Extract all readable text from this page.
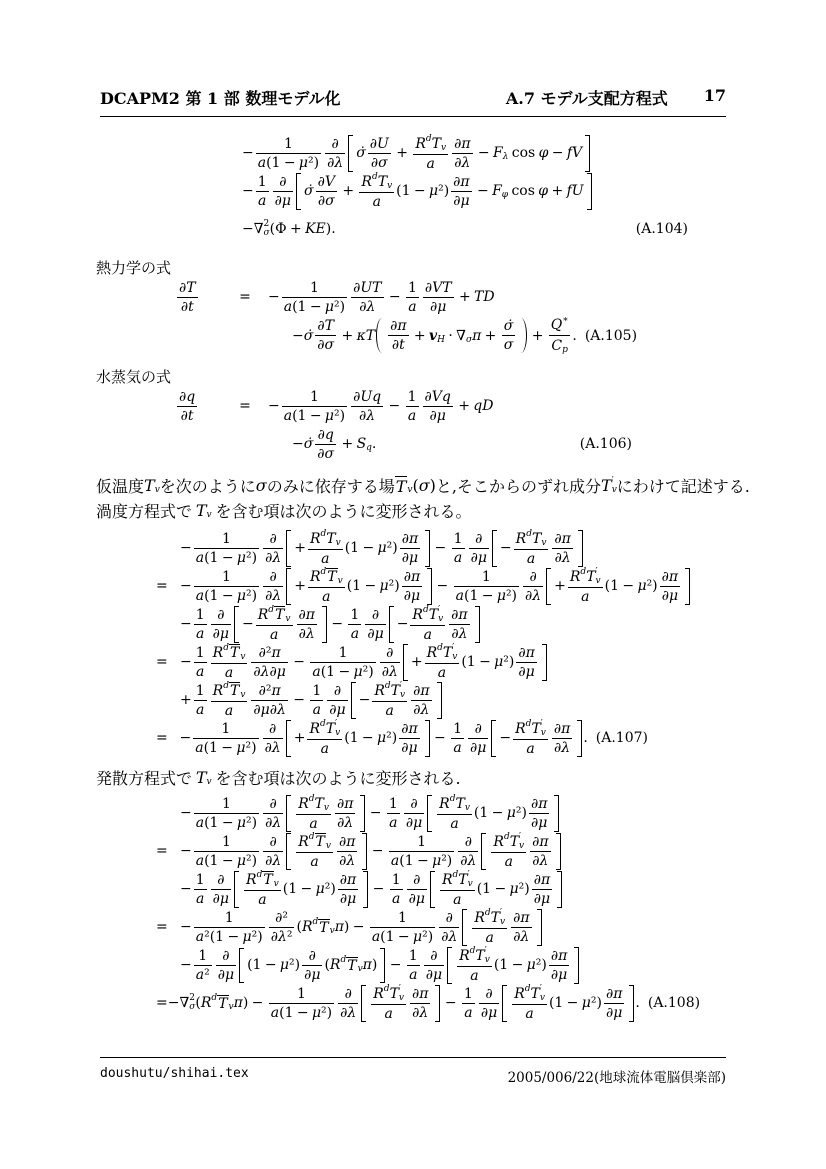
DCAPM2 第 1 部 数理モデル化	A.7 モデル支配方程式 17
− $\frac{1}{\text{a (1 − μ ²)}} \frac{\partial}{\partial \lambda}$ σ̇ $\frac{\partial U}{\partial \sigma} + \frac{\text{R d T v}}{a} \frac{\partial \pi}{\partial \lambda} - F$ λ cos φ − fV
− $\frac{1}{a} \frac{\partial}{\partial \mu}$ σ̇ $\frac{\partial V}{\partial \sigma} + \frac{\text{R d T v}}{a} (1 - \mu$ $^2) \frac{\partial \pi}{\partial \mu} - F$ φ cos φ + fU
− ∇ 2
σ (Φ + KE ).	(A.104)
熱力学の式
$\frac{\partial T}{\partial t}$	=	− $\frac{1}{\text{a (1 − μ ²)}} \frac{\partial UT}{\partial \lambda} - \frac{1}{a} \frac{\partial VT}{\partial \mu}$ + TD
− σ̇ $\frac{\partial T}{\partial \sigma} + \kappa T \frac{\partial \pi}{\partial t} + v$ H · ∇ σ $\pi + \frac{\sigmȧ}{\sigma} + \frac{Q ∗}{\text{C p}}$ . (A.105)
水蒸気の式
$\frac{\partial q}{\partial t}$	=	− $\frac{1}{\text{a (1 − μ ²)}} \frac{\partial Uq}{\partial \lambda} - \frac{1}{a} \frac{\partial Vq}{\partial \mu}$ + qD
− σ̇ $\frac{\partial q}{\partial \sigma} + S$ q .	(A.106)
仮温度 T v を次のように σ のみに依存する場 T v ( σ ) と, そこからのずれ成分 T ′
v にわけて記述する.
渦度方程式で T v を含む項は次のように変形される。
− $\frac{1}{\text{a (1 − μ ²)}} \frac{\partial}{\partial \lambda} + \frac{\text{R d T v}}{a} (1 - \mu$ $^2) \frac{\partial \pi}{\partial \mu} - \frac{1}{a} \frac{\partial}{\partial \mu} - \frac{\text{R d T v}}{a} \frac{\partial \pi}{\partial \lambda}$
= − $\frac{1}{\text{a (1 − μ ²)}} \frac{\partial}{\partial \lambda} + \frac{\text{R d T v}}{a} (1 - \mu$ $^2) \frac{\partial \pi}{\partial \mu} - \frac{1}{\text{a (1 − μ ²)}} \frac{\partial}{\partial \lambda} + R$ d T ′
v
a (1 − μ $^2) \frac{\partial \pi}{\partial \mu}$
− $\frac{1}{a} \frac{\partial}{\partial \mu} - \frac{\text{R d T v}}{a} \frac{\partial \pi}{\partial \lambda} - \frac{1}{a} \frac{\partial}{\partial \mu} - R$ d T ′
v
a $\frac{\partial \pi}{\partial \lambda}$
= − $\frac{1}{a} \frac{\text{R d T v}}{a} \frac{\text{∂² π}}{\partial \lambda \partial \mu} - \frac{1}{\text{a (1 − μ ²)}} \frac{\partial}{\partial \lambda} + R$ d T ′
v
a (1 − μ $^2) \frac{\partial \pi}{\partial \mu}$
+ $\frac{1}{a} \frac{\text{R d T v}}{a} \frac{\text{∂² π}}{\partial \mu \partial \lambda} - \frac{1}{a} \frac{\partial}{\partial \mu} - R$ d T ′
v
a $\frac{\partial \pi}{\partial \lambda}$
= − $\frac{1}{\text{a (1 − μ ²)}} \frac{\partial}{\partial \lambda} + R$ d T ′
v
a (1 − μ $^2) \frac{\partial \pi}{\partial \mu} - \frac{1}{a} \frac{\partial}{\partial \mu} - R$ d T ′
v
a $\frac{\partial \pi}{\partial \lambda}$ . (A.107)
発散方程式で T v を含む項は次のように変形される.
− $\frac{1}{\text{a (1 − μ ²)}} \frac{\partial}{\partial \lambda} \frac{\text{R d T v}}{a} \frac{\partial \pi}{\partial \lambda} - \frac{1}{a} \frac{\partial}{\partial \mu} \frac{\text{R d T v}}{a} (1 - \mu$ $^2) \frac{\partial \pi}{\partial \mu}$
= − $\frac{1}{\text{a (1 − μ ²)}} \frac{\partial}{\partial \lambda} \frac{\text{R d T v}}{a} \frac{\partial \pi}{\partial \lambda} - \frac{1}{\text{a (1 − μ ²)}} \frac{\partial}{\partial \lambda}$ R d T ′
v
a $\frac{\partial \pi}{\partial \lambda}$
− $\frac{1}{a} \frac{\partial}{\partial \mu} \frac{\text{R d T v}}{a} (1 - \mu$ $^2) \frac{\partial \pi}{\partial \mu} - \frac{1}{a} \frac{\partial}{\partial \mu}$ R d T ′
v
a (1 − μ $^2) \frac{\partial \pi}{\partial \mu}$
= − $\frac{1}{\text{a ²(1 − μ ²)}} \frac{\text{∂²}}{\text{∂ λ ²}}$ ( R d T v π ) − $\frac{1}{\text{a (1 − μ ²)}} \frac{\partial}{\partial \lambda}$ R d T ′
v
a $\frac{\partial \pi}{\partial \lambda}$
− $\frac{1}{\text{a ²}} \frac{\partial}{\partial \mu} (1 - \mu$ $^2) \frac{\partial}{\partial \mu}$ ( R d T v π ) − $\frac{1}{a} \frac{\partial}{\partial \mu}$ R d T ′
v
a (1 − μ $^2) \frac{\partial \pi}{\partial \mu}$
= − ∇ 2
σ ( R d T v π ) − $\frac{1}{\text{a (1 − μ ²)}} \frac{\partial}{\partial \lambda}$ R d T ′
v
a $\frac{\partial \pi}{\partial \lambda} - \frac{1}{a} \frac{\partial}{\partial \mu}$ R d T ′
v
a (1 − μ $^2) \frac{\partial \pi}{\partial \mu}$ . (A.108)
doushutu/shihai.tex	2005/006/22(地球流体電脳倶楽部)
